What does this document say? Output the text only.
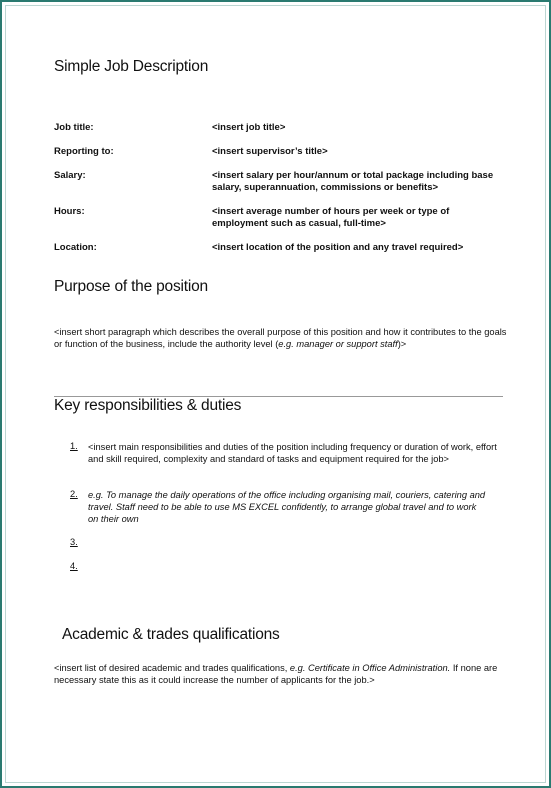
Simple Job Description
Job title:	<insert job title>
Reporting to:	<insert supervisor’s title>
Salary:	<insert salary per hour/annum or total package including base salary, superannuation, commissions or benefits>
Hours:	<insert average number of hours per week or type of employment such as casual, full-time>
Location:	<insert location of the position and any travel required>
Purpose of the position
<insert short paragraph which describes the overall purpose of this position and how it contributes to the goals or function of the business, include the authority level (e.g. manager or support staff)>
Key responsibilities & duties
1. <insert main responsibilities and duties of the position including frequency or duration of work, effort and skill required, complexity and standard of tasks and equipment required for the job>
2. e.g. To manage the daily operations of the office including organising mail, couriers, catering and travel. Staff need to be able to use MS EXCEL confidently, to arrange global travel and to work on their own
3.
4.
Academic & trades qualifications
<insert list of desired academic and trades qualifications, e.g. Certificate in Office Administration. If none are necessary state this as it could increase the number of applicants for the job.>
